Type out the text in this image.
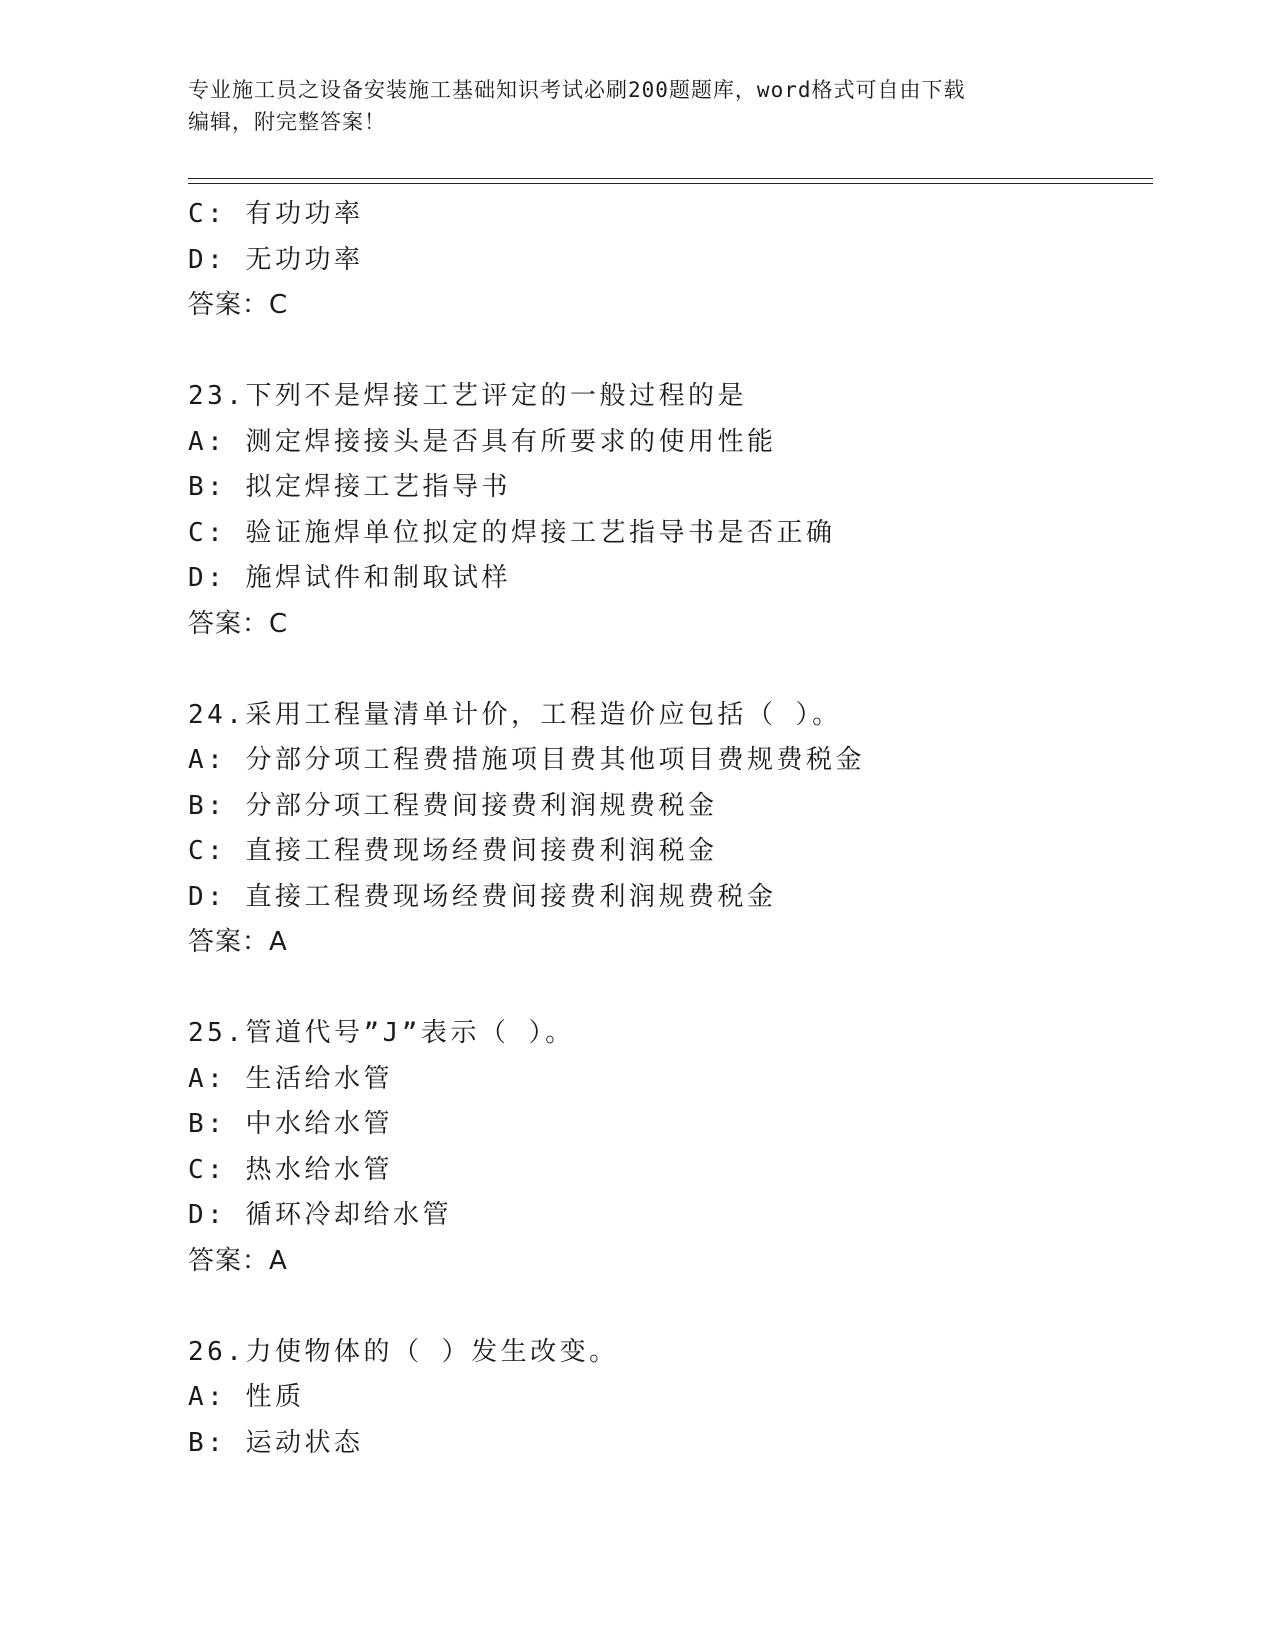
专业施工员之设备安装施工基础知识考试必刷200题题库，word格式可自由下载
编辑，附完整答案！
C: 有功功率
D: 无功功率
答案：C
23.下列不是焊接工艺评定的一般过程的是
A: 测定焊接接头是否具有所要求的使用性能
B: 拟定焊接工艺指导书
C: 验证施焊单位拟定的焊接工艺指导书是否正确
D: 施焊试件和制取试样
答案：C
24.采用工程量清单计价，工程造价应包括（ ）。
A: 分部分项工程费措施项目费其他项目费规费税金
B: 分部分项工程费间接费利润规费税金
C: 直接工程费现场经费间接费利润税金
D: 直接工程费现场经费间接费利润规费税金
答案：A
25.管道代号”J”表示（ ）。
A: 生活给水管
B: 中水给水管
C: 热水给水管
D: 循环冷却给水管
答案：A
26.力使物体的（ ）发生改变。
A: 性质
B: 运动状态
